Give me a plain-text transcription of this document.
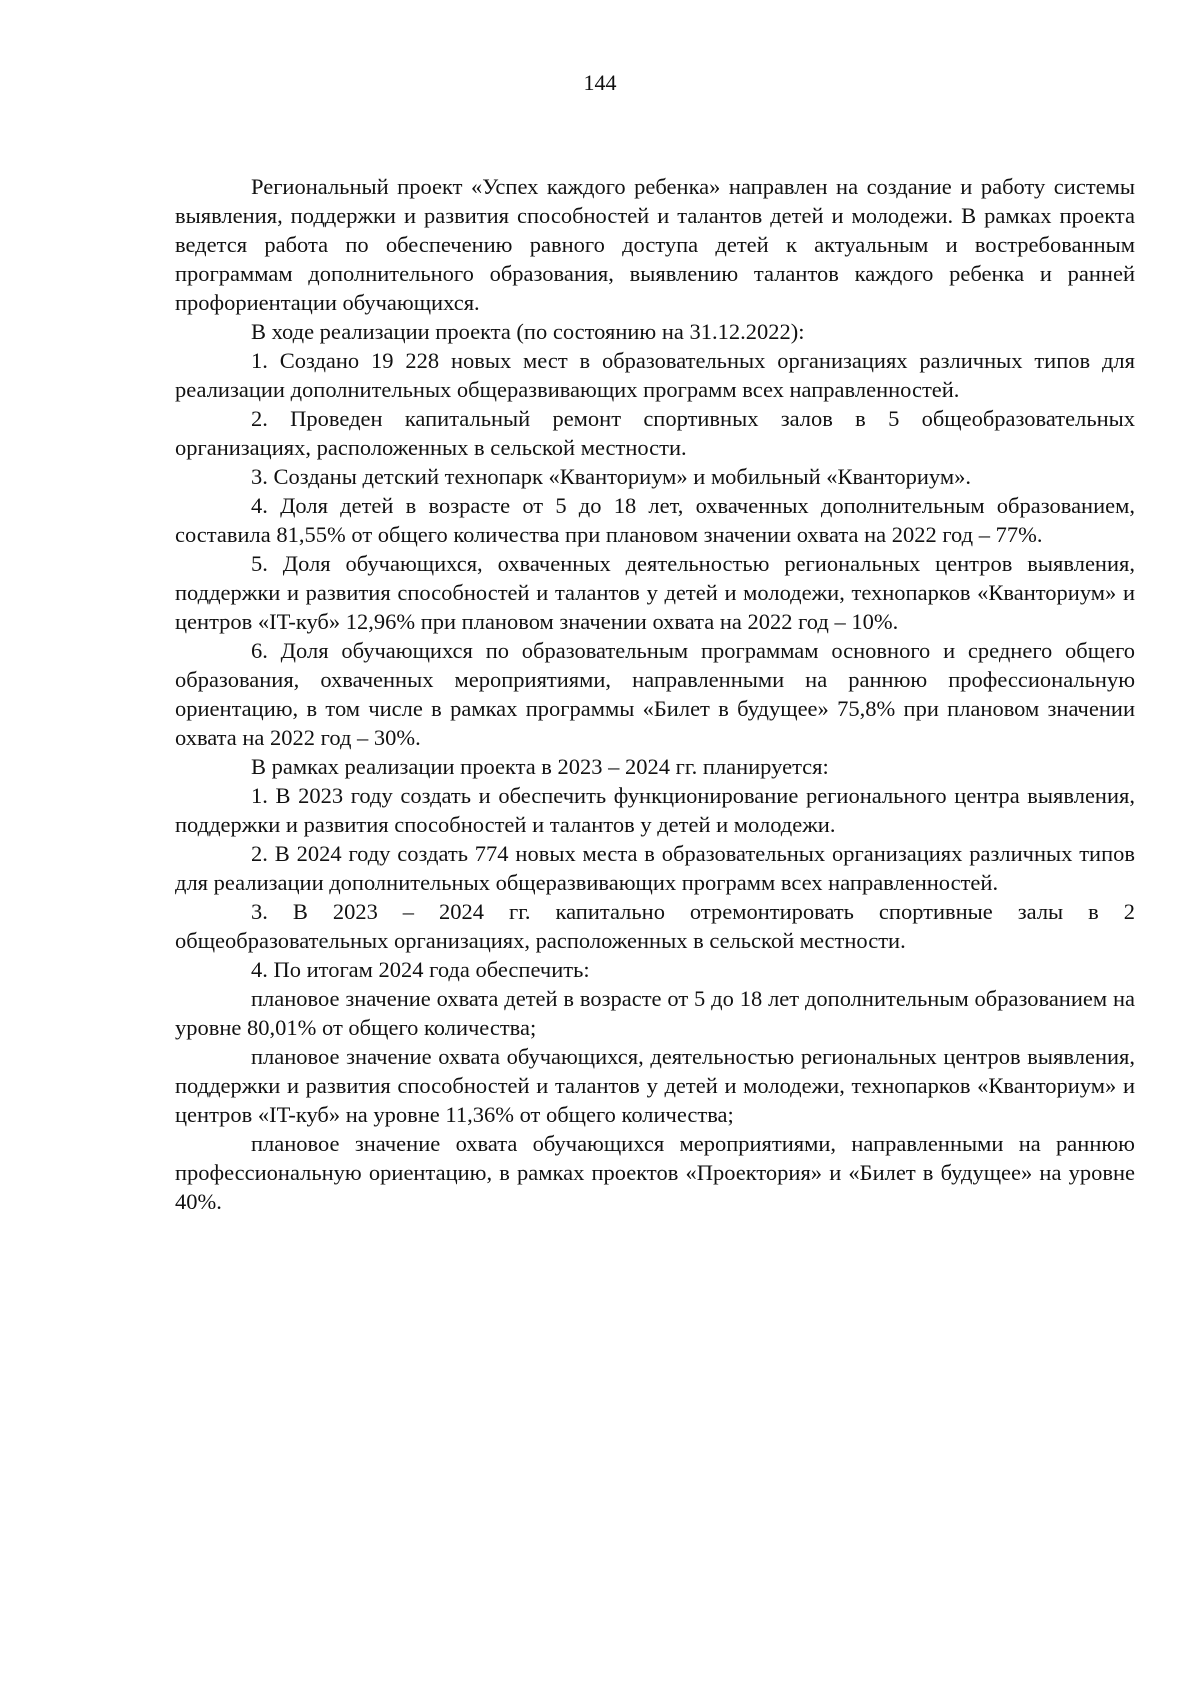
144

Региональный проект «Успех каждого ребенка» направлен на создание и работу системы выявления, поддержки и развития способностей и талантов детей и молодежи. В рамках проекта ведется работа по обеспечению равного доступа детей к актуальным и востребованным программам дополнительного образования, выявлению талантов каждого ребенка и ранней профориентации обучающихся.

В ходе реализации проекта (по состоянию на 31.12.2022):

1. Создано 19 228 новых мест в образовательных организациях различных типов для реализации дополнительных общеразвивающих программ всех направленностей.

2. Проведен капитальный ремонт спортивных залов в 5 общеобразовательных организациях, расположенных в сельской местности.

3. Созданы детский технопарк «Кванториум» и мобильный «Кванториум».

4. Доля детей в возрасте от 5 до 18 лет, охваченных дополнительным образованием, составила 81,55% от общего количества при плановом значении охвата на 2022 год – 77%.

5. Доля обучающихся, охваченных деятельностью региональных центров выявления, поддержки и развития способностей и талантов у детей и молодежи, технопарков «Кванториум» и центров «IT-куб» 12,96% при плановом значении охвата на 2022 год – 10%.

6. Доля обучающихся по образовательным программам основного и среднего общего образования, охваченных мероприятиями, направленными на раннюю профессиональную ориентацию, в том числе в рамках программы «Билет в будущее» 75,8% при плановом значении охвата на 2022 год – 30%.

В рамках реализации проекта в 2023 – 2024 гг. планируется:

1. В 2023 году создать и обеспечить функционирование регионального центра выявления, поддержки и развития способностей и талантов у детей и молодежи.

2. В 2024 году создать 774 новых места в образовательных организациях различных типов для реализации дополнительных общеразвивающих программ всех направленностей.

3. В 2023 – 2024 гг. капитально отремонтировать спортивные залы в 2 общеобразовательных организациях, расположенных в сельской местности.

4. По итогам 2024 года обеспечить:

плановое значение охвата детей в возрасте от 5 до 18 лет дополнительным образованием на уровне 80,01% от общего количества;

плановое значение охвата обучающихся, деятельностью региональных центров выявления, поддержки и развития способностей и талантов у детей и молодежи, технопарков «Кванториум» и центров «IT-куб» на уровне 11,36% от общего количества;

плановое значение охвата обучающихся мероприятиями, направленными на раннюю профессиональную ориентацию, в рамках проектов «Проектория» и «Билет в будущее» на уровне 40%.
